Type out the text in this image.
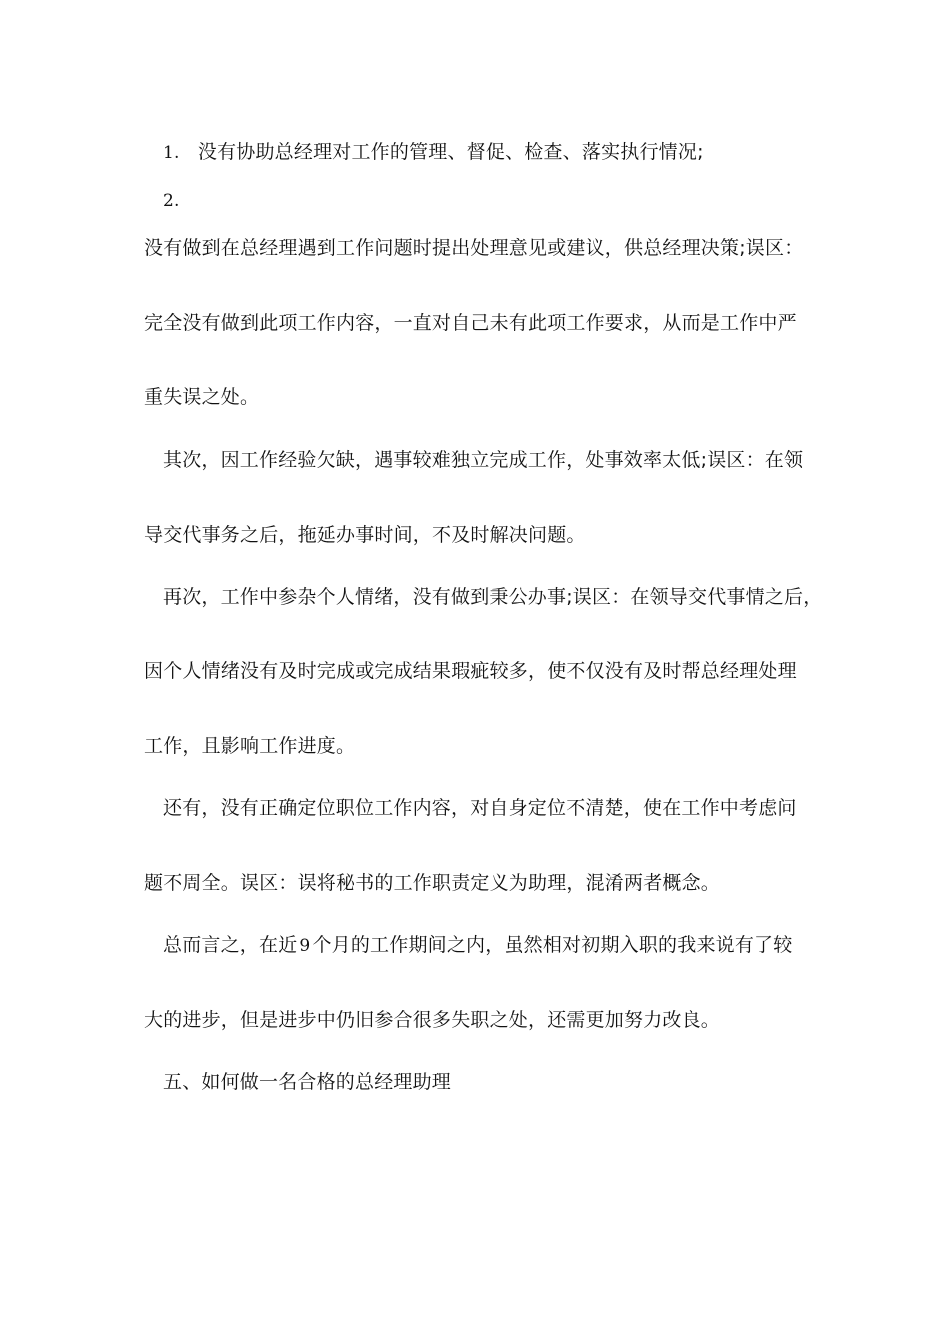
1. 没有协助总经理对工作的管理、督促、检查、落实执行情况;
2.
没有做到在总经理遇到工作问题时提出处理意见或建议，供总经理决策;误区：
完全没有做到此项工作内容，一直对自己未有此项工作要求，从而是工作中严
重失误之处。
其次，因工作经验欠缺，遇事较难独立完成工作，处事效率太低;误区：在领
导交代事务之后，拖延办事时间，不及时解决问题。
再次，工作中参杂个人情绪，没有做到秉公办事;误区：在领导交代事情之后，
因个人情绪没有及时完成或完成结果瑕疵较多，使不仅没有及时帮总经理处理
工作，且影响工作进度。
还有，没有正确定位职位工作内容，对自身定位不清楚，使在工作中考虑问
题不周全。误区：误将秘书的工作职责定义为助理，混淆两者概念。
总而言之，在近 9 个月的工作期间之内，虽然相对初期入职的我来说有了较
大的进步，但是进步中仍旧参合很多失职之处，还需更加努力改良。
五、如何做一名合格的总经理助理
